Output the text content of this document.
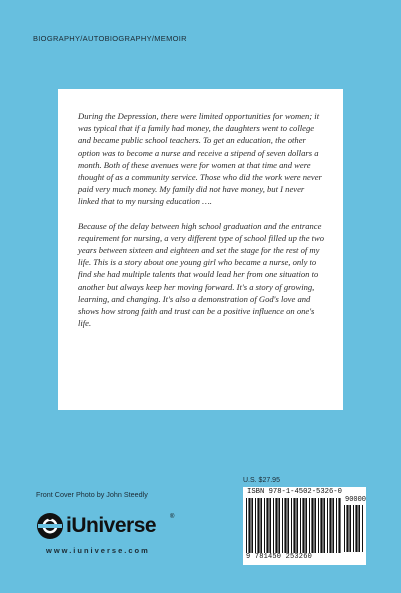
BIOGRAPHY/AUTOBIOGRAPHY/MEMOIR

During the Depression, there were limited opportunities for women; it was typical that if a family had money, the daughters went to college and became public school teachers. To get an education, the other option was to become a nurse and receive a stipend of seven dollars a month. Both of these avenues were for women at that time and were thought of as a community service. Those who did the work were never paid very much money. My family did not have money, but I never linked that to my nursing education ….

Because of the delay between high school graduation and the entrance requirement for nursing, a very different type of school filled up the two years between sixteen and eighteen and set the stage for the rest of my life. This is a story about one young girl who became a nurse, only to find she had multiple talents that would lead her from one situation to another but always keep her moving forward. It's a story of growing, learning, and changing. It's also a demonstration of God's love and shows how strong faith and trust can be a positive influence on one's life.

Front Cover Photo by John Steedly
iUniverse ®
www.iuniverse.com
U.S. $27.95
ISBN 978-1-4502-5326-0
90000
9 781450 253260
